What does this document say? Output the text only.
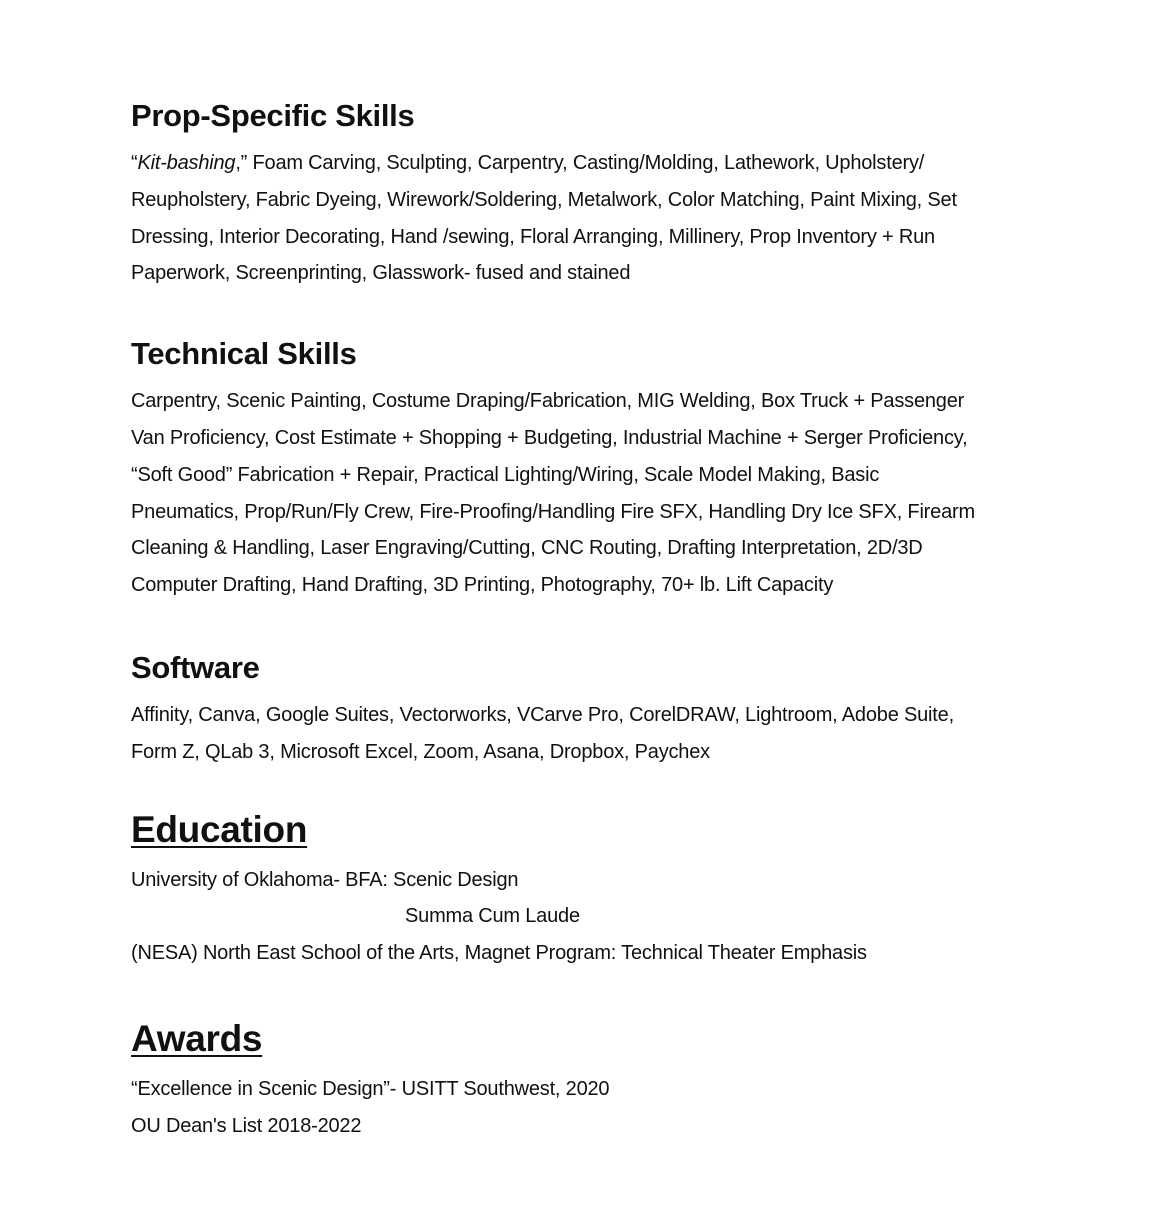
Prop-Specific Skills

“Kit-bashing,” Foam Carving, Sculpting, Carpentry, Casting/Molding, Lathework, Upholstery/

Reupholstery, Fabric Dyeing, Wirework/Soldering, Metalwork, Color Matching, Paint Mixing, Set

Dressing, Interior Decorating, Hand /sewing, Floral Arranging, Millinery, Prop Inventory + Run

Paperwork, Screenprinting, Glasswork- fused and stained

Technical Skills

Carpentry, Scenic Painting, Costume Draping/Fabrication, MIG Welding, Box Truck + Passenger

Van Proficiency, Cost Estimate + Shopping + Budgeting, Industrial Machine + Serger Proficiency,

“Soft Good” Fabrication + Repair, Practical Lighting/Wiring, Scale Model Making, Basic

Pneumatics, Prop/Run/Fly Crew, Fire-Proofing/Handling Fire SFX, Handling Dry Ice SFX, Firearm

Cleaning & Handling, Laser Engraving/Cutting, CNC Routing, Drafting Interpretation, 2D/3D

Computer Drafting, Hand Drafting, 3D Printing, Photography, 70+ lb. Lift Capacity

Software

Affinity, Canva, Google Suites, Vectorworks, VCarve Pro, CorelDRAW, Lightroom, Adobe Suite,

Form Z, QLab 3, Microsoft Excel, Zoom, Asana, Dropbox, Paychex

Education

University of Oklahoma- BFA: Scenic Design

Summa Cum Laude

(NESA) North East School of the Arts, Magnet Program: Technical Theater Emphasis

Awards

“Excellence in Scenic Design”- USITT Southwest, 2020

OU Dean's List 2018-2022
